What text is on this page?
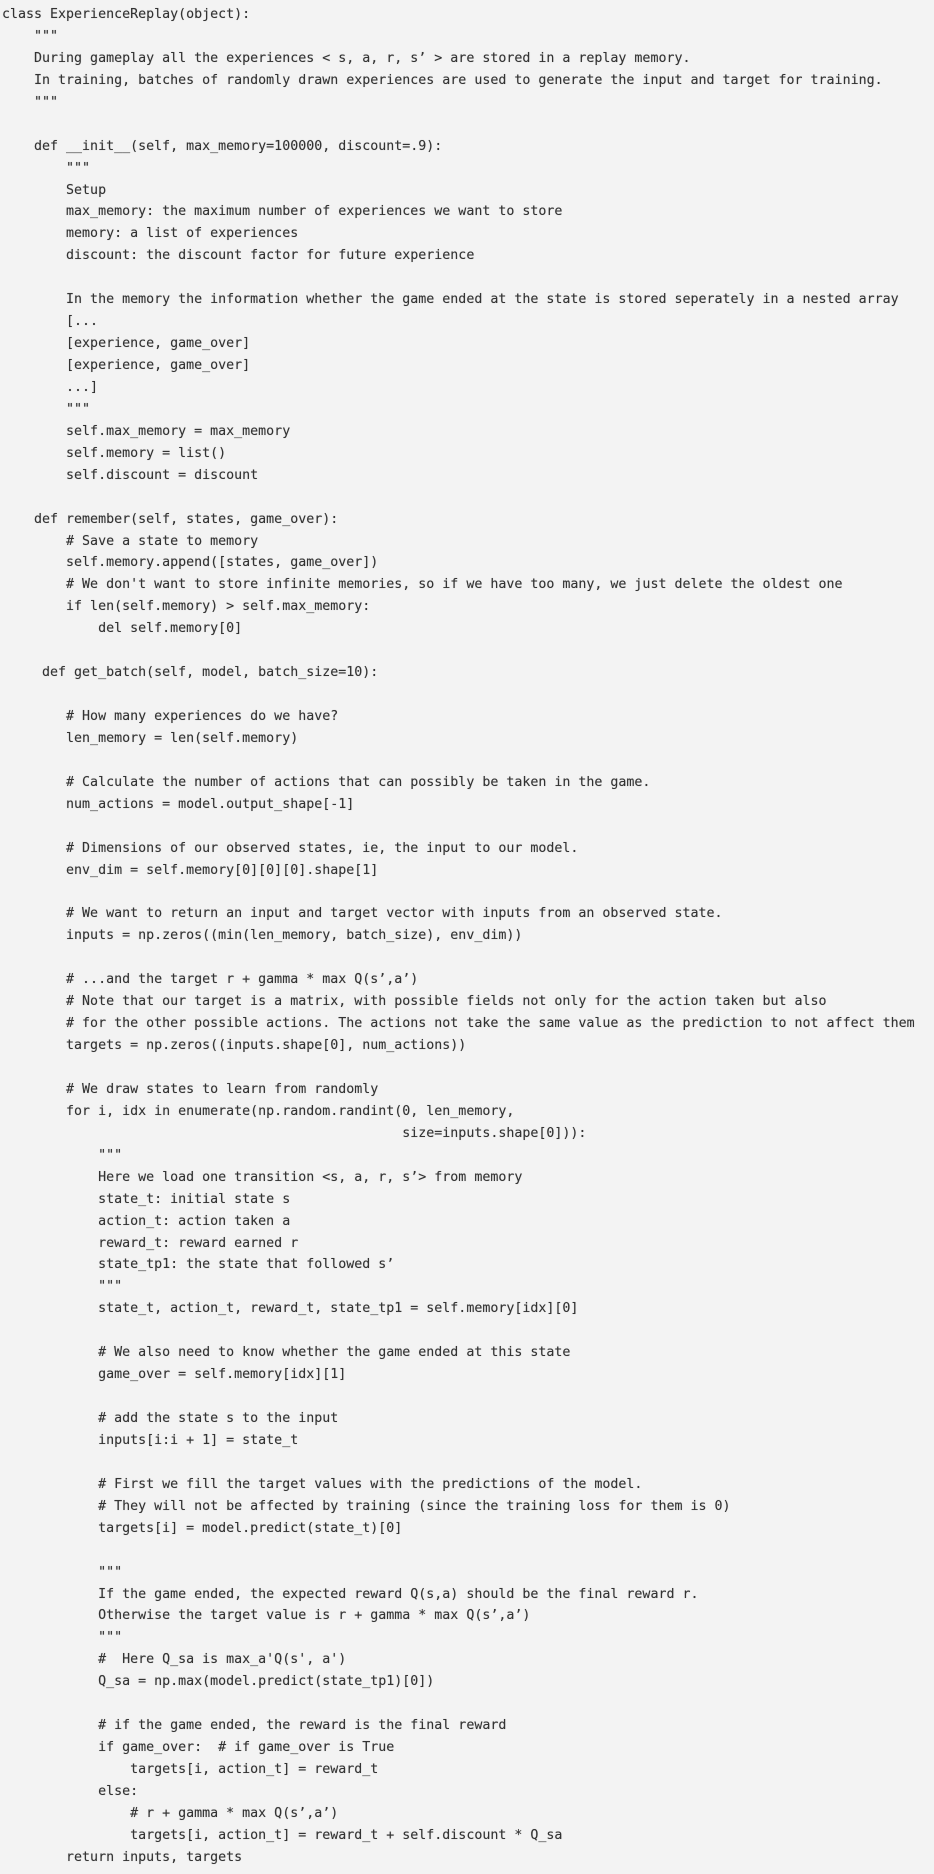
class ExperienceReplay(object):
"""
During gameplay all the experiences < s, a, r, s’ > are stored in a replay memory.
In training, batches of randomly drawn experiences are used to generate the input and target for training.
"""

def __init__(self, max_memory=100000, discount=.9):
"""
Setup
max_memory: the maximum number of experiences we want to store
memory: a list of experiences
discount: the discount factor for future experience

In the memory the information whether the game ended at the state is stored seperately in a nested array
[...
[experience, game_over]
[experience, game_over]
...]
"""
self.max_memory = max_memory
self.memory = list()
self.discount = discount

def remember(self, states, game_over):
# Save a state to memory
self.memory.append([states, game_over])
# We don't want to store infinite memories, so if we have too many, we just delete the oldest one
if len(self.memory) > self.max_memory:
del self.memory[0]

def get_batch(self, model, batch_size=10):

# How many experiences do we have?
len_memory = len(self.memory)

# Calculate the number of actions that can possibly be taken in the game.
num_actions = model.output_shape[-1]

# Dimensions of our observed states, ie, the input to our model.
env_dim = self.memory[0][0][0].shape[1]

# We want to return an input and target vector with inputs from an observed state.
inputs = np.zeros((min(len_memory, batch_size), env_dim))

# ...and the target r + gamma * max Q(s’,a’)
# Note that our target is a matrix, with possible fields not only for the action taken but also
# for the other possible actions. The actions not take the same value as the prediction to not affect them
targets = np.zeros((inputs.shape[0], num_actions))

# We draw states to learn from randomly
for i, idx in enumerate(np.random.randint(0, len_memory,
size=inputs.shape[0])):
"""
Here we load one transition <s, a, r, s’> from memory
state_t: initial state s
action_t: action taken a
reward_t: reward earned r
state_tp1: the state that followed s’
"""
state_t, action_t, reward_t, state_tp1 = self.memory[idx][0]

# We also need to know whether the game ended at this state
game_over = self.memory[idx][1]

# add the state s to the input
inputs[i:i + 1] = state_t

# First we fill the target values with the predictions of the model.
# They will not be affected by training (since the training loss for them is 0)
targets[i] = model.predict(state_t)[0]

"""
If the game ended, the expected reward Q(s,a) should be the final reward r.
Otherwise the target value is r + gamma * max Q(s’,a’)
"""
#  Here Q_sa is max_a'Q(s', a')
Q_sa = np.max(model.predict(state_tp1)[0])

# if the game ended, the reward is the final reward
if game_over:  # if game_over is True
targets[i, action_t] = reward_t
else:
# r + gamma * max Q(s’,a’)
targets[i, action_t] = reward_t + self.discount * Q_sa
return inputs, targets
